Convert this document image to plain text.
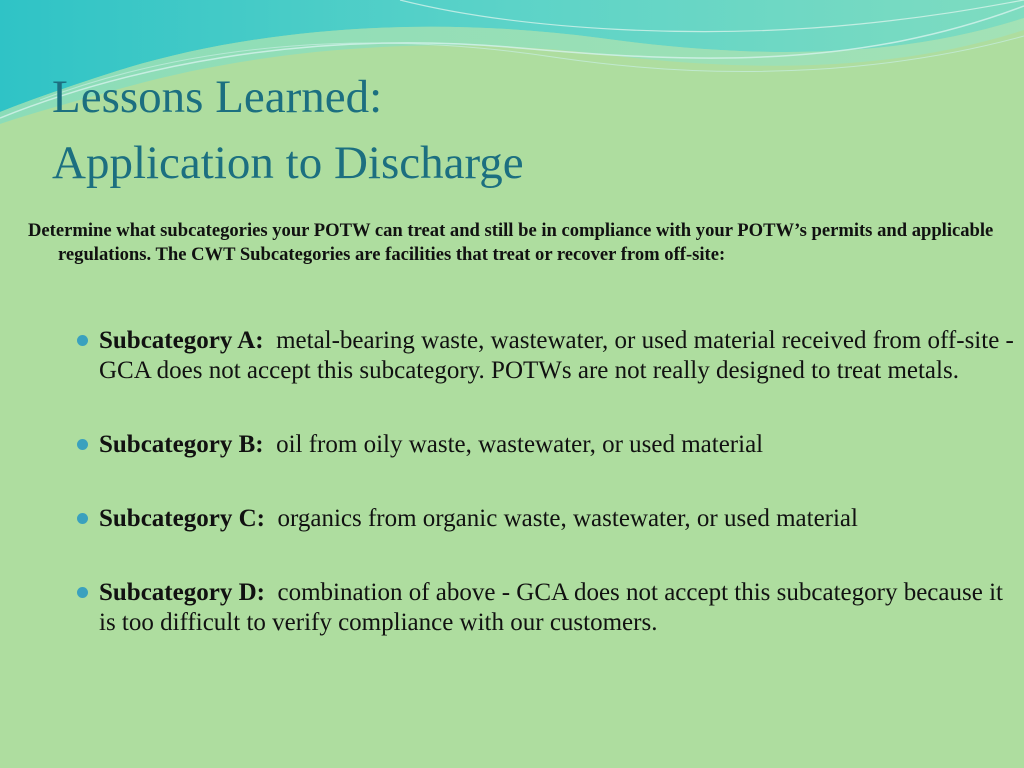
Lessons Learned:
Application to Discharge

Determine what subcategories your POTW can treat and still be in compliance with your POTW’s permits and applicable regulations. The CWT Subcategories are facilities that treat or recover from off-site:

Subcategory A: metal-bearing waste, wastewater, or used material received from off-site - GCA does not accept this subcategory. POTWs are not really designed to treat metals.
Subcategory B: oil from oily waste, wastewater, or used material
Subcategory C: organics from organic waste, wastewater, or used material
Subcategory D: combination of above - GCA does not accept this subcategory because it is too difficult to verify compliance with our customers.
